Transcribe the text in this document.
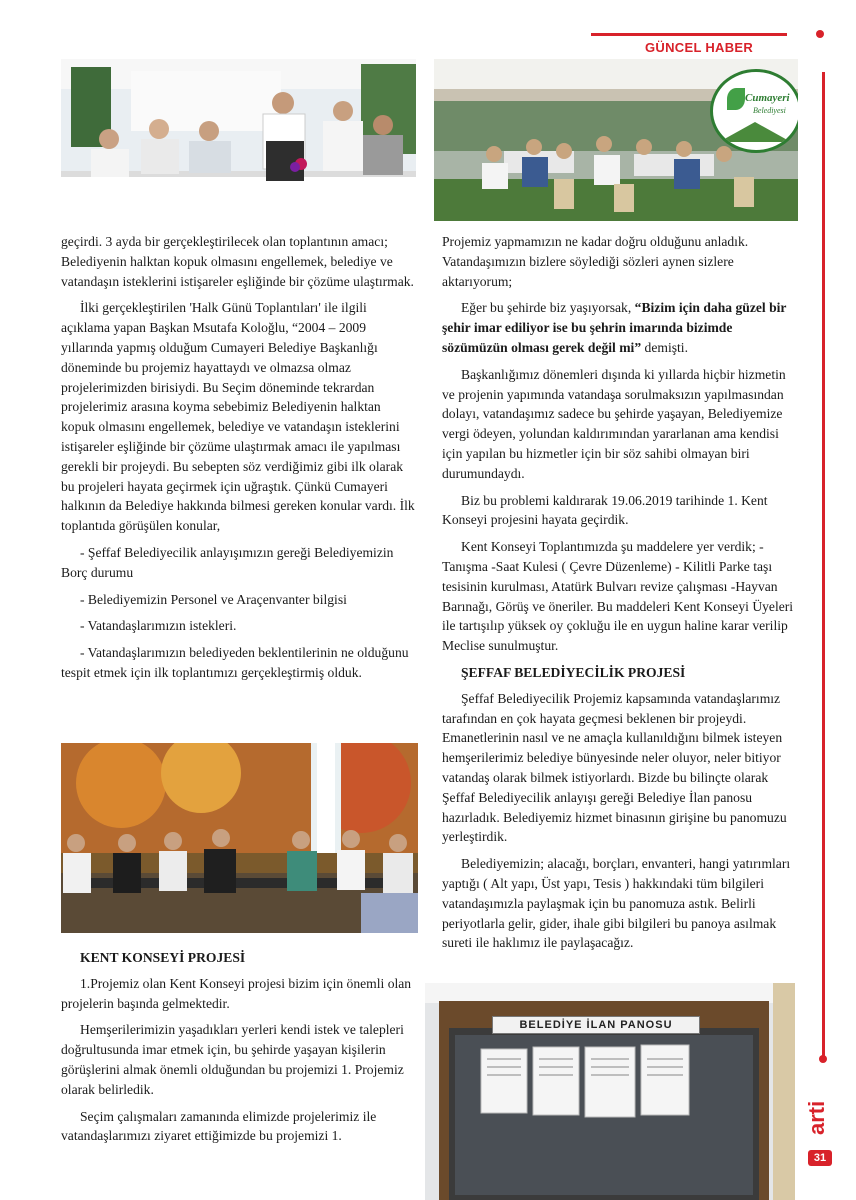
GÜNCEL HABER
arti
31
Cumayeri
Belediyesi

geçirdi. 3 ayda bir gerçekleştirilecek olan toplantının amacı; Belediyenin halktan kopuk olmasını engellemek, belediye ve vatandaşın isteklerini istişareler eşliğinde bir çözüme ulaştırmak.

İlki gerçekleştirilen 'Halk Günü Toplantıları' ile ilgili açıklama yapan Başkan Msutafa Koloğlu, “2004 – 2009 yıllarında yapmış olduğum Cumayeri Belediye Başkanlığı döneminde bu projemiz hayattaydı ve olmazsa olmaz projelerimizden birisiydi. Bu Seçim döneminde tekrardan projelerimiz arasına koyma sebebimiz Belediyenin halktan kopuk olmasını engellemek, belediye ve vatandaşın isteklerini istişareler eşliğinde bir çözüme ulaştırmak amacı ile yapılması gerekli bir projeydi. Bu sebepten söz verdiğimiz gibi ilk olarak bu projeleri hayata geçirmek için uğraştık. Çünkü Cumayeri halkının da Belediye hakkında bilmesi gereken konular vardı. İlk toplantıda görüşülen konular,

- Şeffaf Belediyecilik anlayışımızın gereği Belediyemizin Borç durumu

- Belediyemizin Personel ve Araçenvanter bilgisi

- Vatandaşlarımızın istekleri.

- Vatandaşlarımızın belediyeden beklentilerinin ne olduğunu tespit etmek için ilk toplantımızı gerçekleştirmiş olduk.

KENT KONSEYİ PROJESİ

1.Projemiz olan Kent Konseyi projesi bizim için önemli olan projelerin başında gelmektedir.

Hemşerilerimizin yaşadıkları yerleri kendi istek ve talepleri doğrultusunda imar etmek için, bu şehirde yaşayan kişilerin görüşlerini almak önemli olduğundan bu projemizi 1. Projemiz olarak belirledik.

Seçim çalışmaları zamanında elimizde projelerimiz ile vatandaşlarımızı ziyaret ettiğimizde bu projemizi 1.

Projemiz yapmamızın ne kadar doğru olduğunu anladık. Vatandaşımızın bizlere söylediği sözleri aynen sizlere aktarıyorum;

Eğer bu şehirde biz yaşıyorsak, “Bizim için daha güzel bir şehir imar ediliyor ise bu şehrin imarında bizimde sözümüzün olması gerek değil mi” demişti.

Başkanlığımız dönemleri dışında ki yıllarda hiçbir hizmetin ve projenin yapımında vatandaşa sorulmaksızın yapılmasından dolayı, vatandaşımız sadece bu şehirde yaşayan, Belediyemize vergi ödeyen, yolundan kaldırımından yararlanan ama kendisi için yapılan bu hizmetler için bir söz sahibi olmayan biri durumundaydı.

Biz bu problemi kaldırarak 19.06.2019 tarihinde 1. Kent Konseyi projesini hayata geçirdik.

Kent Konseyi Toplantımızda şu maddelere yer verdik; -Tanışma -Saat Kulesi ( Çevre Düzenleme) - Kilitli Parke taşı tesisinin kurulması, Atatürk Bulvarı revize çalışması -Hayvan Barınağı, Görüş ve öneriler. Bu maddeleri Kent Konseyi Üyeleri ile tartışılıp yüksek oy çokluğu ile en uygun haline karar verilip Meclise sunulmuştur.

ŞEFFAF BELEDİYECİLİK PROJESİ

Şeffaf Belediyecilik Projemiz kapsamında vatandaşlarımız tarafından en çok hayata geçmesi beklenen bir projeydi. Emanetlerinin nasıl ve ne amaçla kullanıldığını bilmek isteyen hemşerilerimiz belediye bünyesinde neler oluyor, neler bitiyor vatandaş olarak bilmek istiyorlardı. Bizde bu bilinçte olarak Şeffaf Belediyecilik anlayışı gereği Belediye İlan panosu hazırladık. Belediyemiz hizmet binasının girişine bu panomuzu yerleştirdik.

Belediyemizin; alacağı, borçları, envanteri, hangi yatırımları yaptığı ( Alt yapı, Üst yapı, Tesis ) hakkındaki tüm bilgileri vatandaşımızla paylaşmak için bu panomuza astık. Belirli periyotlarla gelir, gider, ihale gibi bilgileri bu panoya asılmak sureti ile haklımız ile paylaşacağız.

BELEDİYE İLAN PANOSU
